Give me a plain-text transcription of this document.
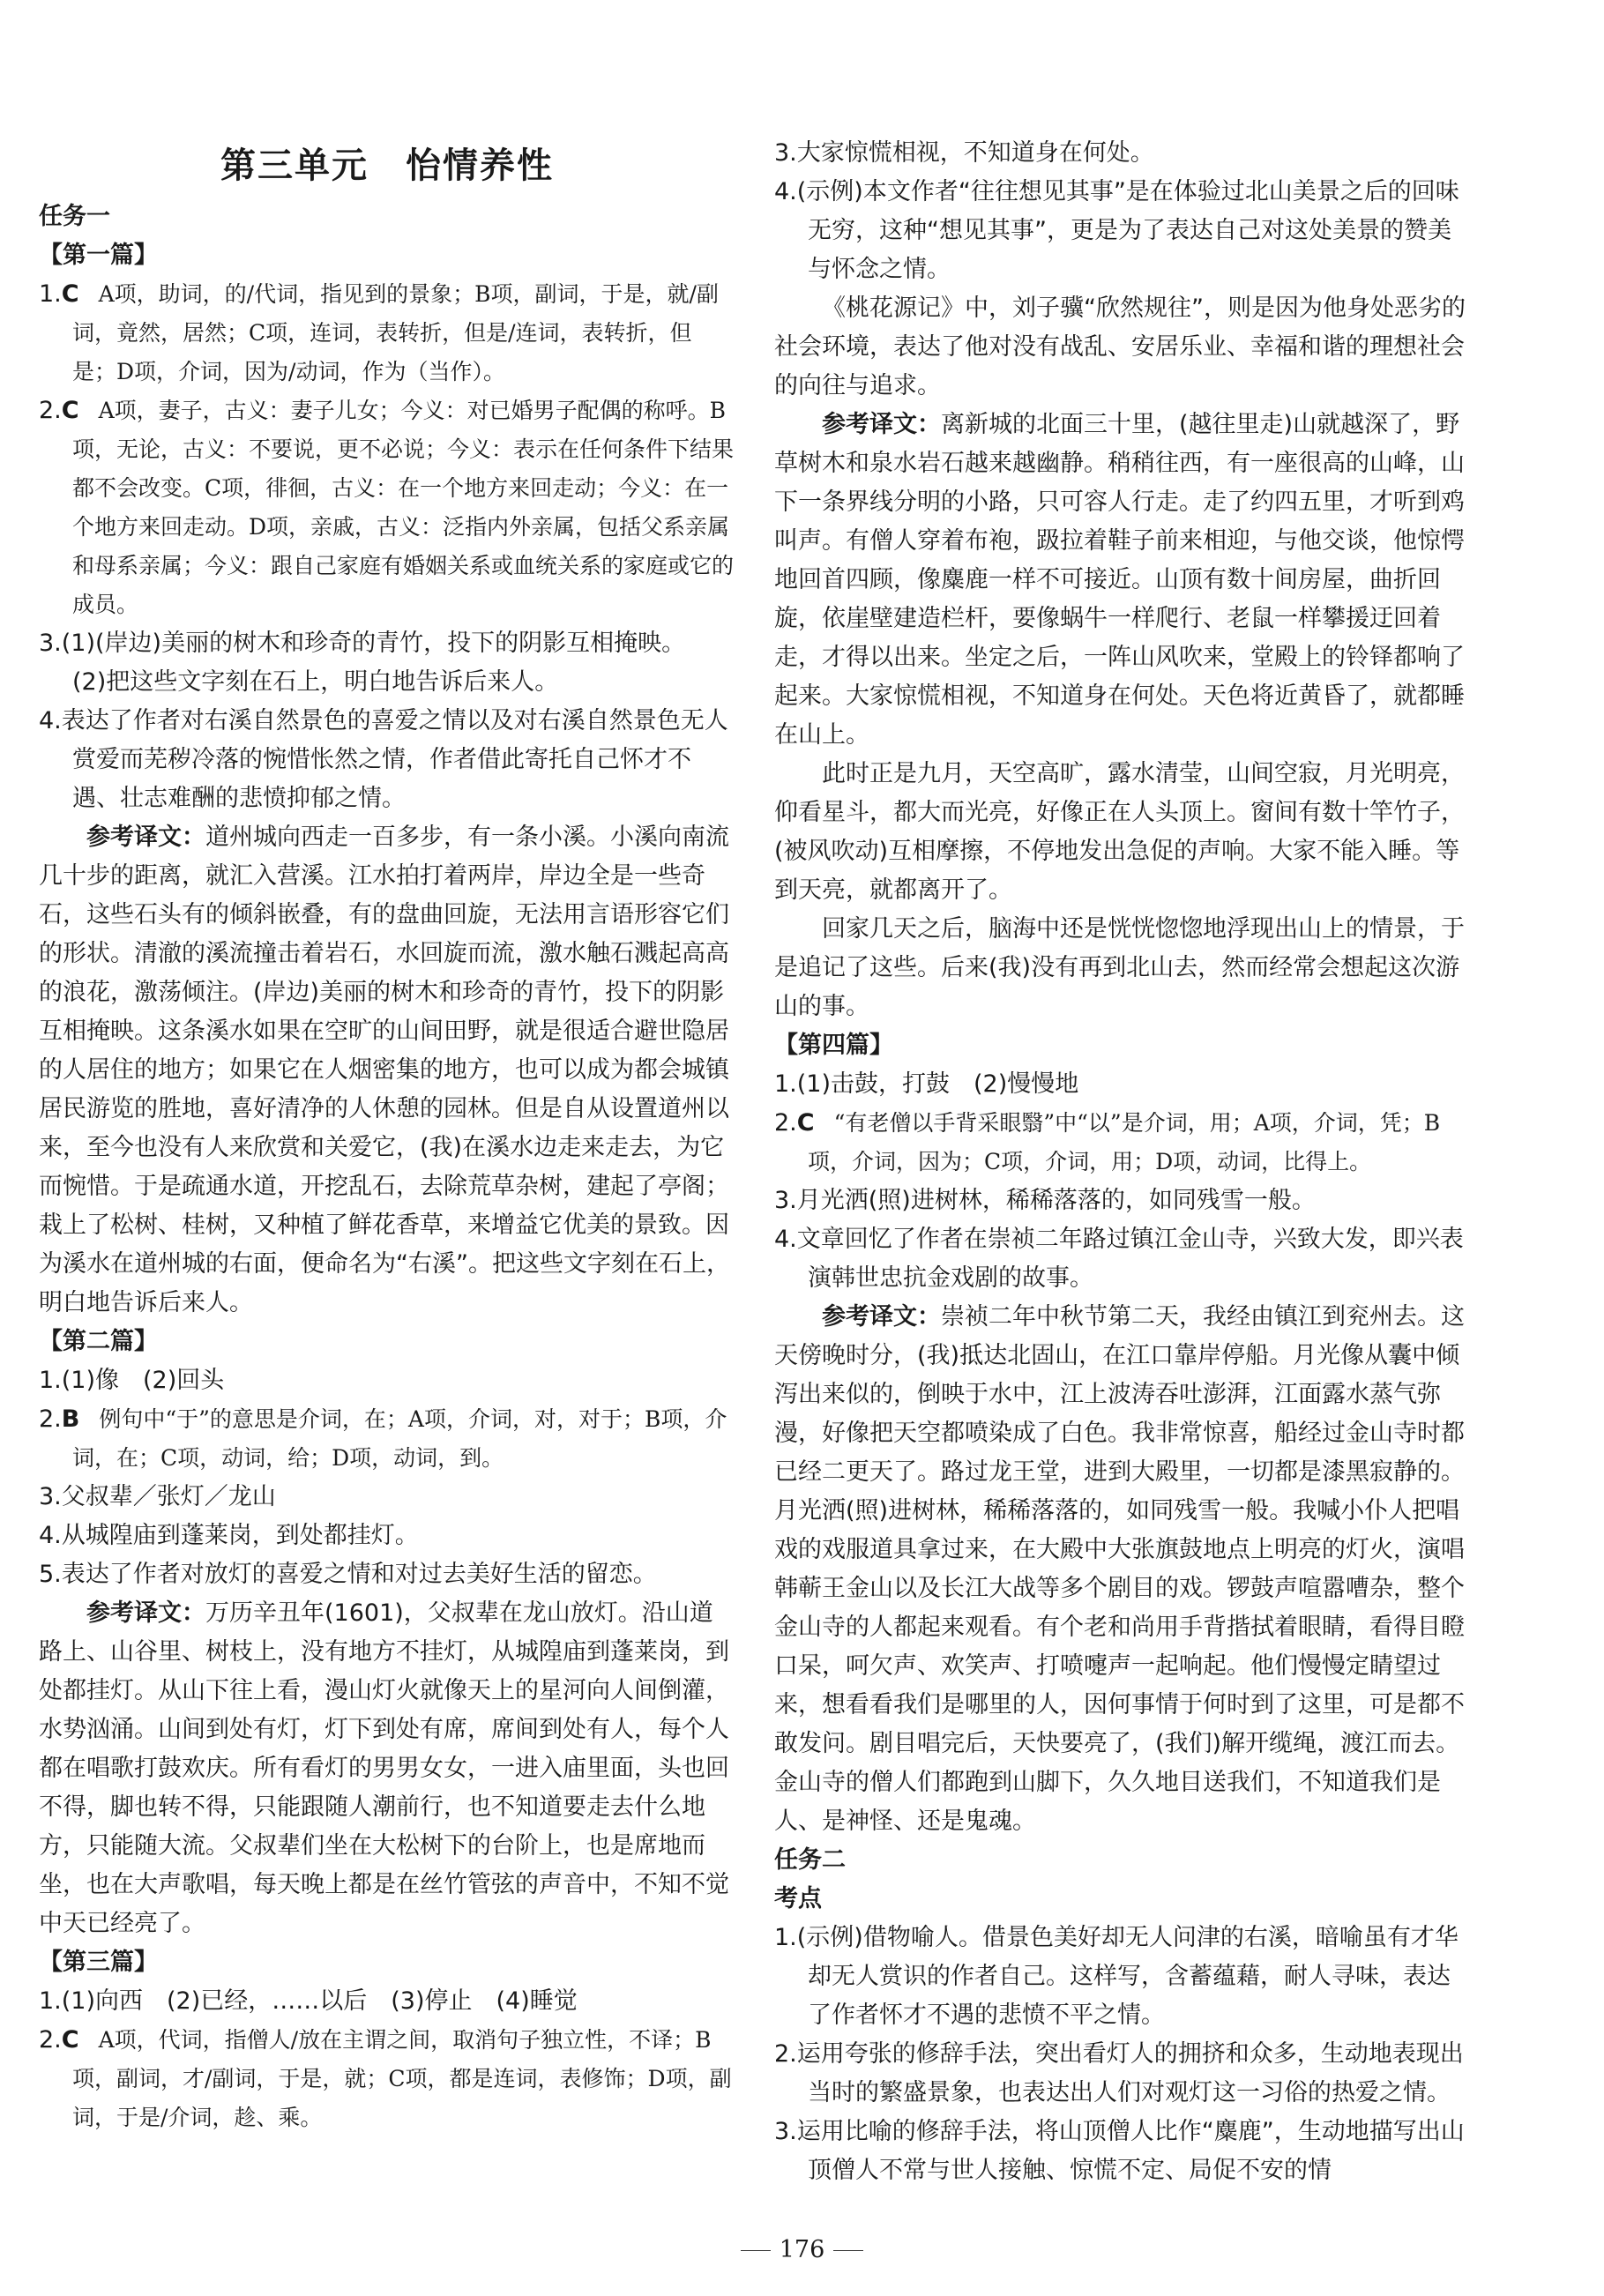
第三单元　怡情养性
任务一
【第一篇】

1.C A项，助词，的/代词，指见到的景象；B项，副词，于是，就/副词，竟然，居然；C项，连词，表转折，但是/连词，表转折，但是；D项，介词，因为/动词，作为（当作）。

2.C A项，妻子，古义：妻子儿女；今义：对已婚男子配偶的称呼。B项，无论，古义：不要说，更不必说；今义：表示在任何条件下结果都不会改变。C项，徘徊，古义：在一个地方来回走动；今义：在一个地方来回走动。D项，亲戚，古义：泛指内外亲属，包括父系亲属和母系亲属；今义：跟自己家庭有婚姻关系或血统关系的家庭或它的成员。

3.(1)(岸边)美丽的树木和珍奇的青竹，投下的阴影互相掩映。

(2)把这些文字刻在石上，明白地告诉后来人。

4.表达了作者对右溪自然景色的喜爱之情以及对右溪自然景色无人赏爱而芜秽冷落的惋惜怅然之情，作者借此寄托自己怀才不遇、壮志难酬的悲愤抑郁之情。

参考译文：道州城向西走一百多步，有一条小溪。小溪向南流几十步的距离，就汇入营溪。江水拍打着两岸，岸边全是一些奇石，这些石头有的倾斜嵌叠，有的盘曲回旋，无法用言语形容它们的形状。清澈的溪流撞击着岩石，水回旋而流，激水触石溅起高高的浪花，激荡倾注。(岸边)美丽的树木和珍奇的青竹，投下的阴影互相掩映。这条溪水如果在空旷的山间田野，就是很适合避世隐居的人居住的地方；如果它在人烟密集的地方，也可以成为都会城镇居民游览的胜地，喜好清净的人休憩的园林。但是自从设置道州以来，至今也没有人来欣赏和关爱它，(我)在溪水边走来走去，为它而惋惜。于是疏通水道，开挖乱石，去除荒草杂树，建起了亭阁；栽上了松树、桂树，又种植了鲜花香草，来增益它优美的景致。因为溪水在道州城的右面，便命名为“右溪”。把这些文字刻在石上，明白地告诉后来人。

【第二篇】

1.(1)像　(2)回头

2.B 例句中“于”的意思是介词，在；A项，介词，对，对于；B项，介词，在；C项，动词，给；D项，动词，到。

3.父叔辈／张灯／龙山

4.从城隍庙到蓬莱岗，到处都挂灯。

5.表达了作者对放灯的喜爱之情和对过去美好生活的留恋。

参考译文：万历辛丑年(1601)，父叔辈在龙山放灯。沿山道路上、山谷里、树枝上，没有地方不挂灯，从城隍庙到蓬莱岗，到处都挂灯。从山下往上看，漫山灯火就像天上的星河向人间倒灌，水势汹涌。山间到处有灯，灯下到处有席，席间到处有人，每个人都在唱歌打鼓欢庆。所有看灯的男男女女，一进入庙里面，头也回不得，脚也转不得，只能跟随人潮前行，也不知道要走去什么地方，只能随大流。父叔辈们坐在大松树下的台阶上，也是席地而坐，也在大声歌唱，每天晚上都是在丝竹管弦的声音中，不知不觉中天已经亮了。

【第三篇】

1.(1)向西　(2)已经，……以后　(3)停止　(4)睡觉

2.C A项，代词，指僧人/放在主谓之间，取消句子独立性，不译；B项，副词，才/副词，于是，就；C项，都是连词，表修饰；D项，副词，于是/介词，趁、乘。

3.大家惊慌相视，不知道身在何处。

4.(示例)本文作者“往往想见其事”是在体验过北山美景之后的回味无穷，这种“想见其事”，更是为了表达自己对这处美景的赞美与怀念之情。

《桃花源记》中，刘子骥“欣然规往”，则是因为他身处恶劣的社会环境，表达了他对没有战乱、安居乐业、幸福和谐的理想社会的向往与追求。

参考译文：离新城的北面三十里，(越往里走)山就越深了，野草树木和泉水岩石越来越幽静。稍稍往西，有一座很高的山峰，山下一条界线分明的小路，只可容人行走。走了约四五里，才听到鸡叫声。有僧人穿着布袍，趿拉着鞋子前来相迎，与他交谈，他惊愕地回首四顾，像麋鹿一样不可接近。山顶有数十间房屋，曲折回旋，依崖壁建造栏杆，要像蜗牛一样爬行、老鼠一样攀援迂回着走，才得以出来。坐定之后，一阵山风吹来，堂殿上的铃铎都响了起来。大家惊慌相视，不知道身在何处。天色将近黄昏了，就都睡在山上。

此时正是九月，天空高旷，露水清莹，山间空寂，月光明亮，仰看星斗，都大而光亮，好像正在人头顶上。窗间有数十竿竹子，(被风吹动)互相摩擦，不停地发出急促的声响。大家不能入睡。等到天亮，就都离开了。

回家几天之后，脑海中还是恍恍惚惚地浮现出山上的情景，于是追记了这些。后来(我)没有再到北山去，然而经常会想起这次游山的事。

【第四篇】

1.(1)击鼓，打鼓　(2)慢慢地

2.C “有老僧以手背采眼翳”中“以”是介词，用；A项，介词，凭；B项，介词，因为；C项，介词，用；D项，动词，比得上。

3.月光洒(照)进树林，稀稀落落的，如同残雪一般。

4.文章回忆了作者在崇祯二年路过镇江金山寺，兴致大发，即兴表演韩世忠抗金戏剧的故事。

参考译文：崇祯二年中秋节第二天，我经由镇江到兖州去。这天傍晚时分，(我)抵达北固山，在江口靠岸停船。月光像从囊中倾泻出来似的，倒映于水中，江上波涛吞吐澎湃，江面露水蒸气弥漫，好像把天空都喷染成了白色。我非常惊喜，船经过金山寺时都已经二更天了。路过龙王堂，进到大殿里，一切都是漆黑寂静的。月光洒(照)进树林，稀稀落落的，如同残雪一般。我喊小仆人把唱戏的戏服道具拿过来，在大殿中大张旗鼓地点上明亮的灯火，演唱韩蕲王金山以及长江大战等多个剧目的戏。锣鼓声喧嚣嘈杂，整个金山寺的人都起来观看。有个老和尚用手背揩拭着眼睛，看得目瞪口呆，呵欠声、欢笑声、打喷嚏声一起响起。他们慢慢定睛望过来，想看看我们是哪里的人，因何事情于何时到了这里，可是都不敢发问。剧目唱完后，天快要亮了，(我们)解开缆绳，渡江而去。金山寺的僧人们都跑到山脚下，久久地目送我们，不知道我们是人、是神怪、还是鬼魂。

任务二
考点

1.(示例)借物喻人。借景色美好却无人问津的右溪，暗喻虽有才华却无人赏识的作者自己。这样写，含蓄蕴藉，耐人寻味，表达了作者怀才不遇的悲愤不平之情。

2.运用夸张的修辞手法，突出看灯人的拥挤和众多，生动地表现出当时的繁盛景象，也表达出人们对观灯这一习俗的热爱之情。

3.运用比喻的修辞手法，将山顶僧人比作“麋鹿”，生动地描写出山顶僧人不常与世人接触、惊慌不定、局促不安的情

176
